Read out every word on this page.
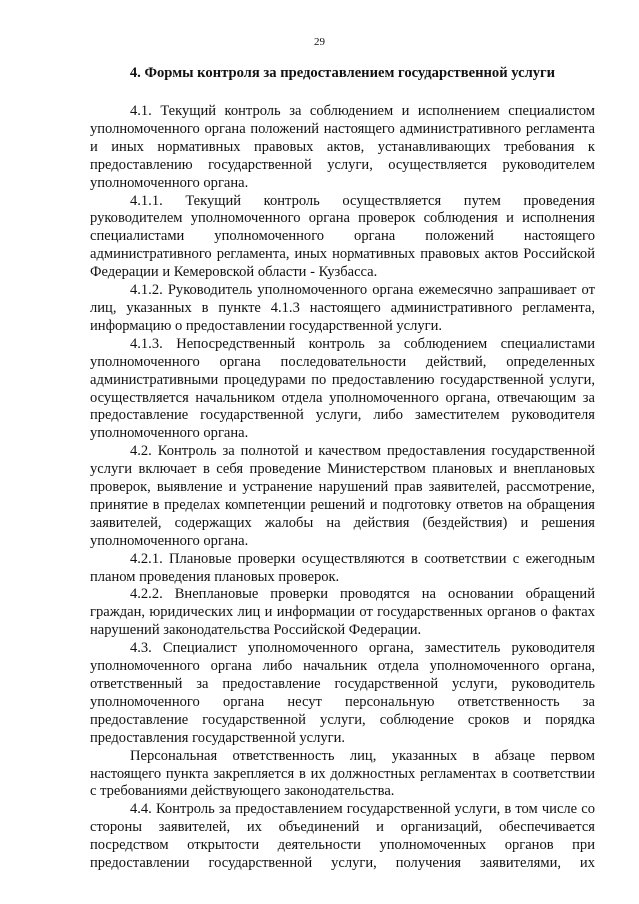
29
4. Формы контроля за предоставлением государственной услуги

4.1. Текущий контроль за соблюдением и исполнением специалистом уполномоченного органа положений настоящего административного регламента и иных нормативных правовых актов, устанавливающих требования к предоставлению государственной услуги, осуществляется руководителем уполномоченного органа.

4.1.1. Текущий контроль осуществляется путем проведения руководителем уполномоченного органа проверок соблюдения и исполнения специалистами уполномоченного органа положений настоящего административного регламента, иных нормативных правовых актов Российской Федерации и Кемеровской области - Кузбасса.

4.1.2. Руководитель уполномоченного органа ежемесячно запрашивает от лиц, указанных в пункте 4.1.3 настоящего административного регламента, информацию о предоставлении государственной услуги.

4.1.3. Непосредственный контроль за соблюдением специалистами уполномоченного органа последовательности действий, определенных административными процедурами по предоставлению государственной услуги, осуществляется начальником отдела уполномоченного органа, отвечающим за предоставление государственной услуги, либо заместителем руководителя уполномоченного органа.

4.2. Контроль за полнотой и качеством предоставления государственной услуги включает в себя проведение Министерством плановых и внеплановых проверок, выявление и устранение нарушений прав заявителей, рассмотрение, принятие в пределах компетенции решений и подготовку ответов на обращения заявителей, содержащих жалобы на действия (бездействия) и решения уполномоченного органа.

4.2.1. Плановые проверки осуществляются в соответствии с ежегодным планом проведения плановых проверок.

4.2.2. Внеплановые проверки проводятся на основании обращений граждан, юридических лиц и информации от государственных органов о фактах нарушений законодательства Российской Федерации.

4.3. Специалист уполномоченного органа, заместитель руководителя уполномоченного органа либо начальник отдела уполномоченного органа, ответственный за предоставление государственной услуги, руководитель уполномоченного органа несут персональную ответственность за предоставление государственной услуги, соблюдение сроков и порядка предоставления государственной услуги.

Персональная ответственность лиц, указанных в абзаце первом настоящего пункта закрепляется в их должностных регламентах в соответствии с требованиями действующего законодательства.

4.4. Контроль за предоставлением государственной услуги, в том числе со стороны заявителей, их объединений и организаций, обеспечивается посредством открытости деятельности уполномоченных органов при предоставлении государственной услуги, получения заявителями, их
